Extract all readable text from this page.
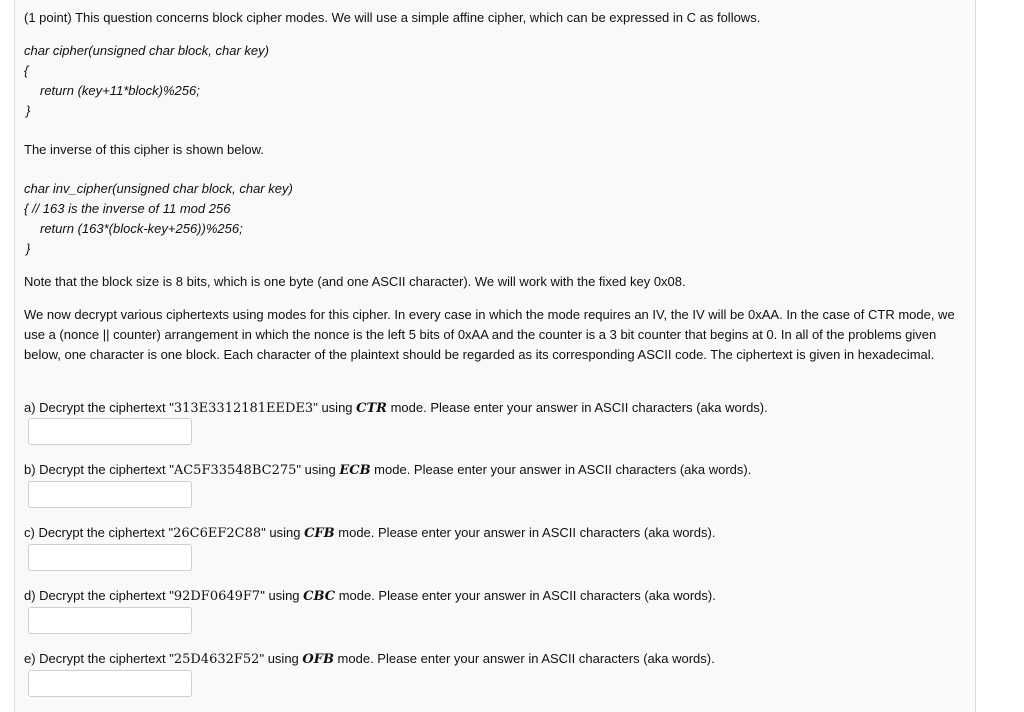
(1 point) This question concerns block cipher modes. We will use a simple affine cipher, which can be expressed in C as follows.
char cipher(unsigned char block, char key)
{
return (key+11*block)%256;
}
The inverse of this cipher is shown below.
char inv_cipher(unsigned char block, char key)
{ // 163 is the inverse of 11 mod 256
return (163*(block-key+256))%256;
}
Note that the block size is 8 bits, which is one byte (and one ASCII character). We will work with the fixed key 0x08.
We now decrypt various ciphertexts using modes for this cipher. In every case in which the mode requires an IV, the IV will be 0xAA. In the case of CTR mode, we use a (nonce || counter) arrangement in which the nonce is the left 5 bits of 0xAA and the counter is a 3 bit counter that begins at 0. In all of the problems given below, one character is one block. Each character of the plaintext should be regarded as its corresponding ASCII code. The ciphertext is given in hexadecimal.
a) Decrypt the ciphertext "313E3312181EEDE3" using CTR mode. Please enter your answer in ASCII characters (aka words).
b) Decrypt the ciphertext "AC5F33548BC275" using ECB mode. Please enter your answer in ASCII characters (aka words).
c) Decrypt the ciphertext "26C6EF2C88" using CFB mode. Please enter your answer in ASCII characters (aka words).
d) Decrypt the ciphertext "92DF0649F7" using CBC mode. Please enter your answer in ASCII characters (aka words).
e) Decrypt the ciphertext "25D4632F52" using OFB mode. Please enter your answer in ASCII characters (aka words).
